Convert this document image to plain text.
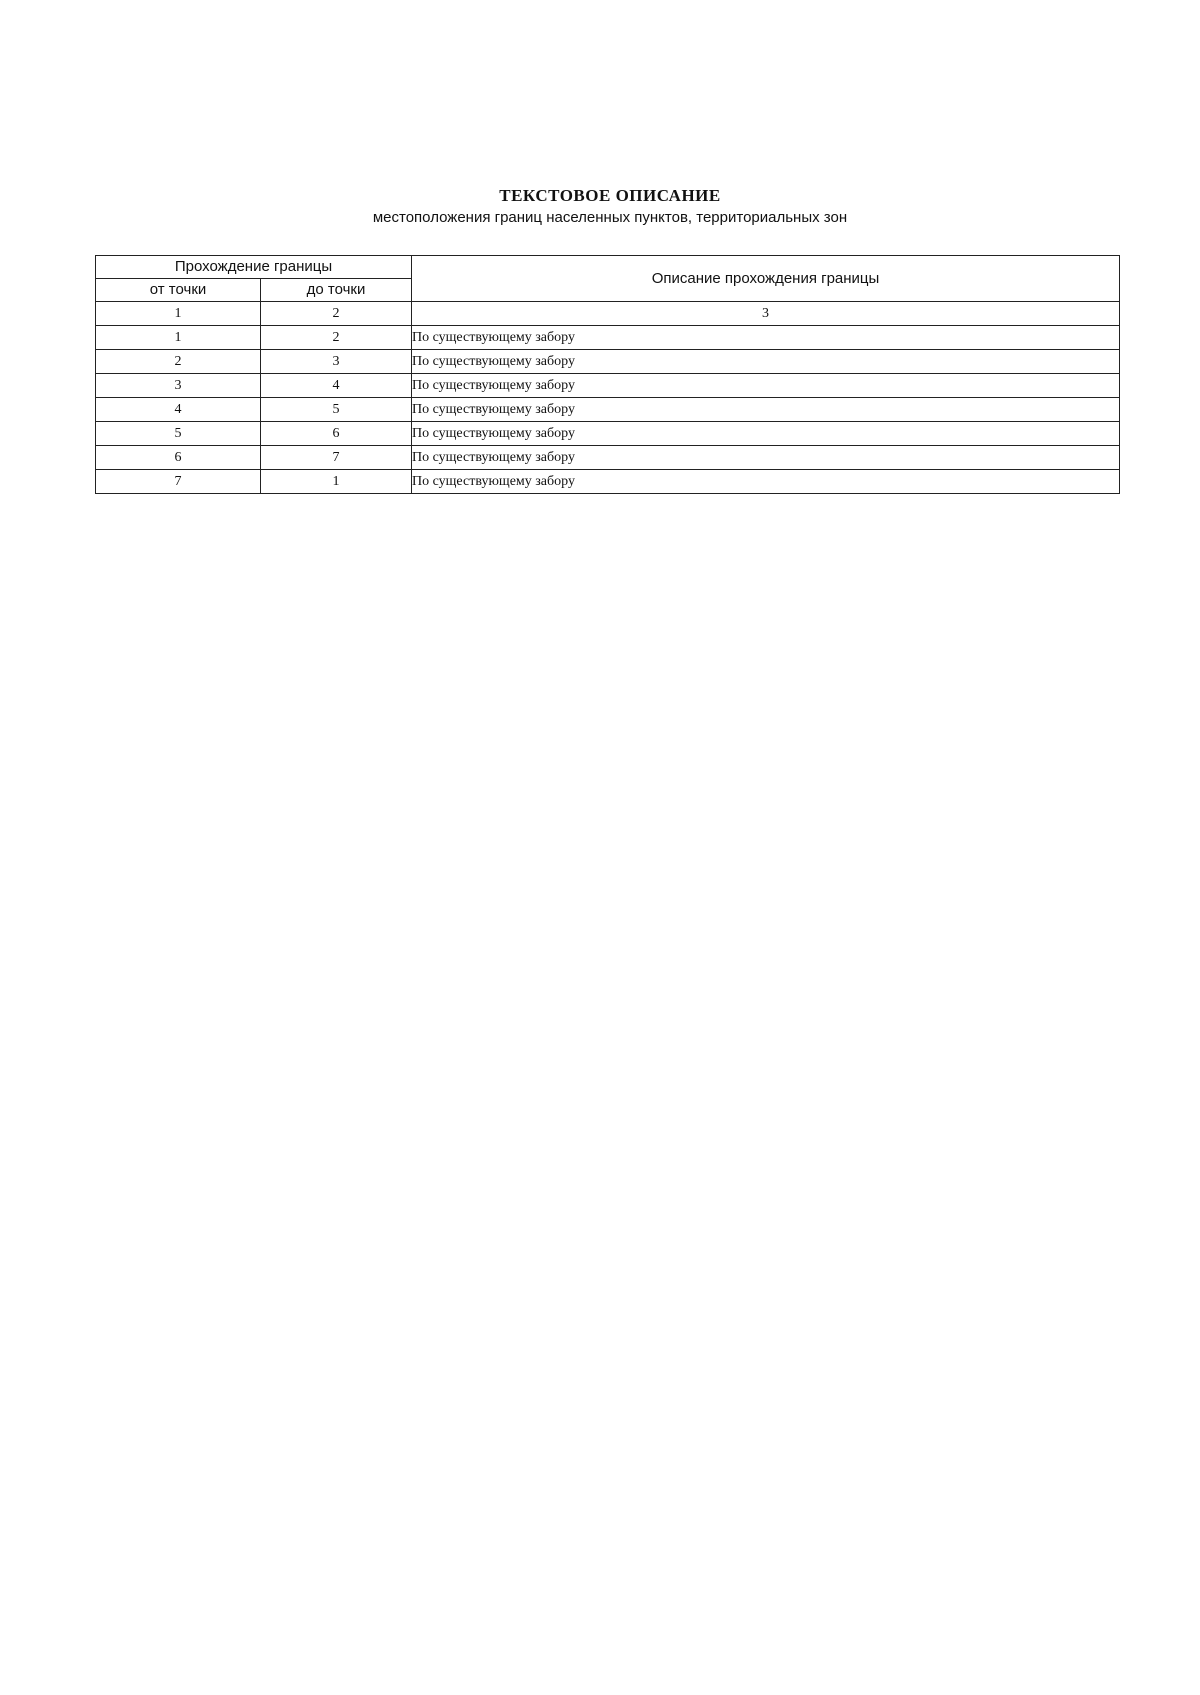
ТЕКСТОВОЕ ОПИСАНИЕ

местоположения границ населенных пунктов, территориальных зон

Прохождение границы		Описание прохождения границы
от точки	до точки	
1	2	3
1	2	По существующему забору
2	3	По существующему забору
3	4	По существующему забору
4	5	По существующему забору
5	6	По существующему забору
6	7	По существующему забору
7	1	По существующему забору
